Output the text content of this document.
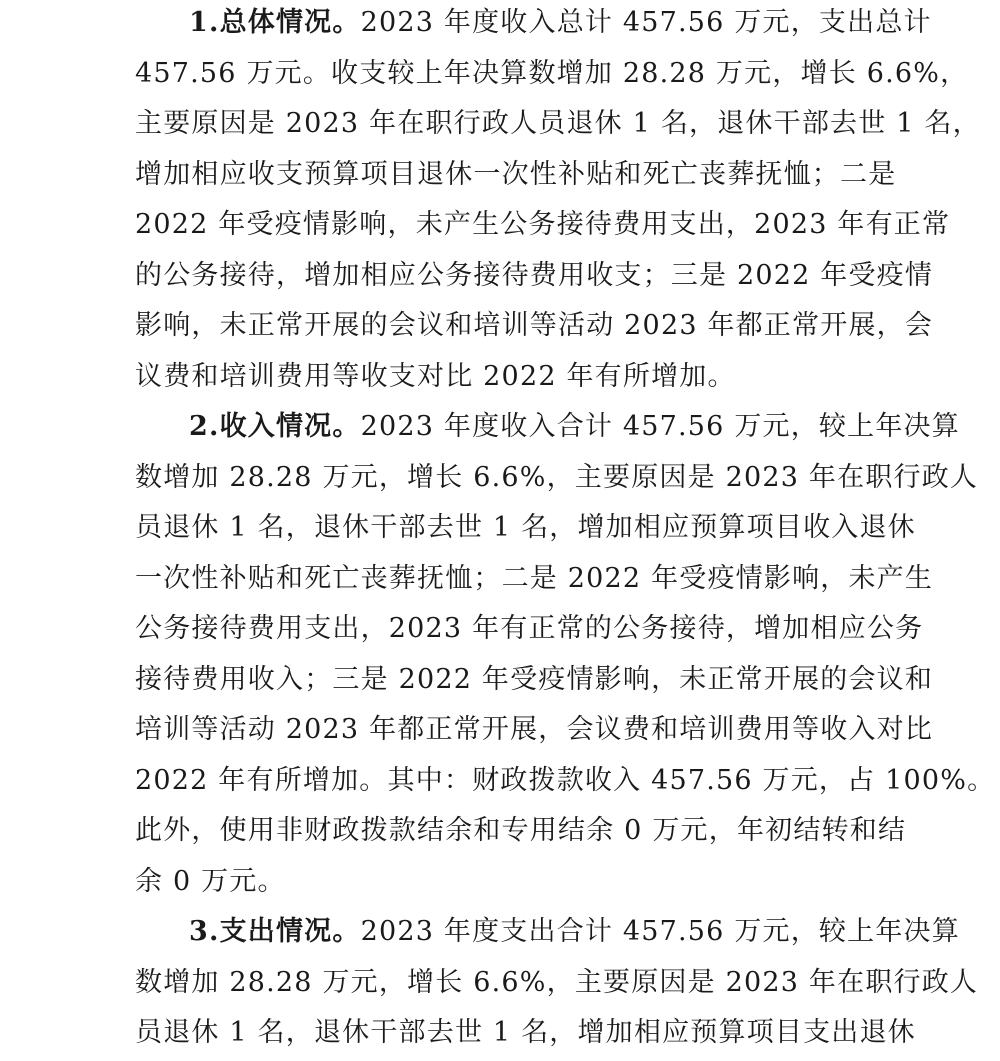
1.总体情况。2023 年度收入总计 457.56 万元，支出总计
457.56 万元。收支较上年决算数增加 28.28 万元，增长 6.6%，
主要原因是 2023 年在职行政人员退休 1 名，退休干部去世 1 名，
增加相应收支预算项目退休一次性补贴和死亡丧葬抚恤；二是
2022 年受疫情影响，未产生公务接待费用支出，2023 年有正常
的公务接待，增加相应公务接待费用收支；三是 2022 年受疫情
影响，未正常开展的会议和培训等活动 2023 年都正常开展，会
议费和培训费用等收支对比 2022 年有所增加。
2.收入情况。2023 年度收入合计 457.56 万元，较上年决算
数增加 28.28 万元，增长 6.6%，主要原因是 2023 年在职行政人
员退休 1 名，退休干部去世 1 名，增加相应预算项目收入退休
一次性补贴和死亡丧葬抚恤；二是 2022 年受疫情影响，未产生
公务接待费用支出，2023 年有正常的公务接待，增加相应公务
接待费用收入；三是 2022 年受疫情影响，未正常开展的会议和
培训等活动 2023 年都正常开展，会议费和培训费用等收入对比
2022 年有所增加。其中：财政拨款收入 457.56 万元，占 100%。
此外，使用非财政拨款结余和专用结余 0 万元，年初结转和结
余 0 万元。
3.支出情况。2023 年度支出合计 457.56 万元，较上年决算
数增加 28.28 万元，增长 6.6%，主要原因是 2023 年在职行政人
员退休 1 名，退休干部去世 1 名，增加相应预算项目支出退休
